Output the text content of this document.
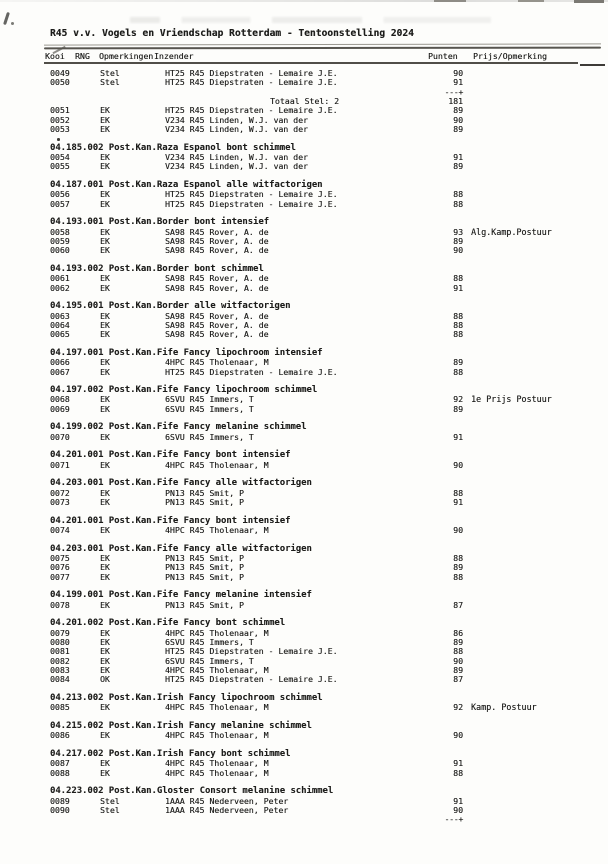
R45 v.v. Vogels en Vriendschap Rotterdam - Tentoonstelling 2024
Kooi RNG Opmerkingen Inzender	Punten Prijs/Opmerking
0049	Stel	HT25 R45 Diepstraten - Lemaire J.E.	90
0050	Stel	HT25 R45 Diepstraten - Lemaire J.E.	91
---+
Totaal Stel: 2	181
0051	EK	HT25 R45 Diepstraten - Lemaire J.E.	89
0052	EK	V234 R45 Linden, W.J. van der	90
0053	EK	V234 R45 Linden, W.J. van der	89
04.185.002 Post.Kan.Raza Espanol bont schimmel
0054	EK	V234 R45 Linden, W.J. van der	91
0055	EK	V234 R45 Linden, W.J. van der	89
04.187.001 Post.Kan.Raza Espanol alle witfactorigen
0056	EK	HT25 R45 Diepstraten - Lemaire J.E.	88
0057	EK	HT25 R45 Diepstraten - Lemaire J.E.	88
04.193.001 Post.Kan.Border bont intensief
0058	EK	SA98 R45 Rover, A. de	93 Alg.Kamp.Postuur
0059	EK	SA98 R45 Rover, A. de	89
0060	EK	SA98 R45 Rover, A. de	90
04.193.002 Post.Kan.Border bont schimmel
0061	EK	SA98 R45 Rover, A. de	88
0062	EK	SA98 R45 Rover, A. de	91
04.195.001 Post.Kan.Border alle witfactorigen
0063	EK	SA98 R45 Rover, A. de	88
0064	EK	SA98 R45 Rover, A. de	88
0065	EK	SA98 R45 Rover, A. de	88
04.197.001 Post.Kan.Fife Fancy lipochroom intensief
0066	EK	4HPC R45 Tholenaar, M	89
0067	EK	HT25 R45 Diepstraten - Lemaire J.E.	88
04.197.002 Post.Kan.Fife Fancy lipochroom schimmel
0068	EK	6SVU R45 Immers, T	92 1e Prijs Postuur
0069	EK	6SVU R45 Immers, T	89
04.199.002 Post.Kan.Fife Fancy melanine schimmel
0070	EK	6SVU R45 Immers, T	91
04.201.001 Post.Kan.Fife Fancy bont intensief
0071	EK	4HPC R45 Tholenaar, M	90
04.203.001 Post.Kan.Fife Fancy alle witfactorigen
0072	EK	PN13 R45 Smit, P	88
0073	EK	PN13 R45 Smit, P	91
04.201.001 Post.Kan.Fife Fancy bont intensief
0074	EK	4HPC R45 Tholenaar, M	90
04.203.001 Post.Kan.Fife Fancy alle witfactorigen
0075	EK	PN13 R45 Smit, P	88
0076	EK	PN13 R45 Smit, P	89
0077	EK	PN13 R45 Smit, P	88
04.199.001 Post.Kan.Fife Fancy melanine intensief
0078	EK	PN13 R45 Smit, P	87
04.201.002 Post.Kan.Fife Fancy bont schimmel
0079	EK	4HPC R45 Tholenaar, M	86
0080	EK	6SVU R45 Immers, T	89
0081	EK	HT25 R45 Diepstraten - Lemaire J.E.	88
0082	EK	6SVU R45 Immers, T	90
0083	EK	4HPC R45 Tholenaar, M	89
0084	OK	HT25 R45 Diepstraten - Lemaire J.E.	87
04.213.002 Post.Kan.Irish Fancy lipochroom schimmel
0085	EK	4HPC R45 Tholenaar, M	92 Kamp. Postuur
04.215.002 Post.Kan.Irish Fancy melanine schimmel
0086	EK	4HPC R45 Tholenaar, M	90
04.217.002 Post.Kan.Irish Fancy bont schimmel
0087	EK	4HPC R45 Tholenaar, M	91
0088	EK	4HPC R45 Tholenaar, M	88
04.223.002 Post.Kan.Gloster Consort melanine schimmel
0089	Stel	1AAA R45 Nederveen, Peter	91
0090	Stel	1AAA R45 Nederveen, Peter	90
---+
